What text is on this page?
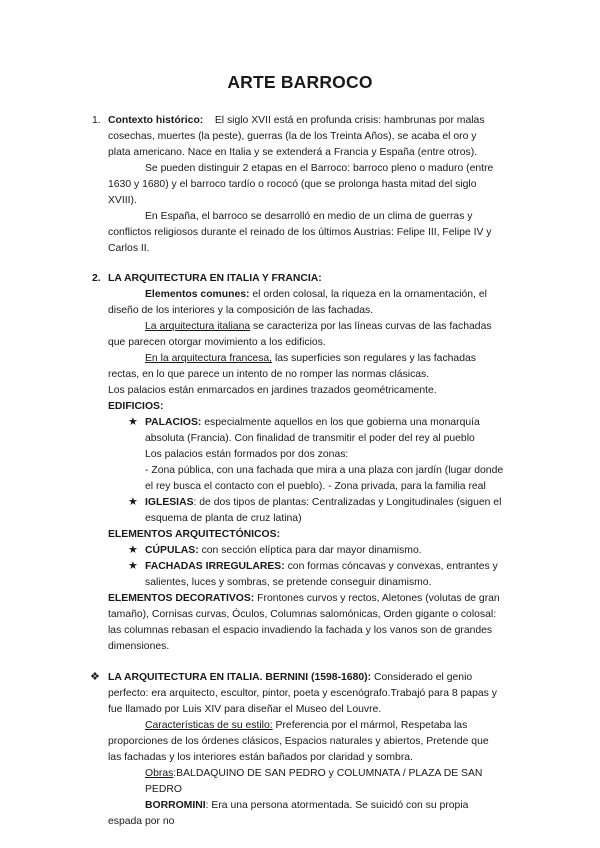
ARTE BARROCO
1. Contexto histórico: El siglo XVII está en profunda crisis: hambrunas por malas
cosechas, muertes (la peste), guerras (la de los Treinta Años), se acaba el oro y
plata americano. Nace en Italia y se extenderá a Francia y España (entre otros).
Se pueden distinguir 2 etapas en el Barroco: barroco pleno o maduro (entre
1630 y 1680) y el barroco tardío o rococó (que se prolonga hasta mitad del siglo
XVIII).
En España, el barroco se desarrolló en medio de un clima de guerras y
conflictos religiosos durante el reinado de los últimos Austrias: Felipe III, Felipe IV y
Carlos II.
2. LA ARQUITECTURA EN ITALIA Y FRANCIA:
Elementos comunes: el orden colosal, la riqueza en la ornamentación, el
diseño de los interiores y la composición de las fachadas.
La arquitectura italiana se caracteriza por las líneas curvas de las fachadas
que parecen otorgar movimiento a los edificios.
En la arquitectura francesa, las superficies son regulares y las fachadas
rectas, en lo que parece un intento de no romper las normas clásicas.
Los palacios están enmarcados en jardines trazados geométricamente.
EDIFICIOS:
★ PALACIOS: especialmente aquellos en los que gobierna una monarquía
absoluta (Francia). Con finalidad de transmitir el poder del rey al pueblo
Los palacios están formados por dos zonas:
- Zona pública, con una fachada que mira a una plaza con jardín (lugar donde
el rey busca el contacto con el pueblo). - Zona privada, para la familia real
★ IGLESIAS: de dos tipos de plantas: Centralizadas y Longitudinales (siguen el
esquema de planta de cruz latina)
ELEMENTOS ARQUITECTÓNICOS:
★ CÚPULAS: con sección elíptica para dar mayor dinamismo.
★ FACHADAS IRREGULARES: con formas cóncavas y convexas, entrantes y
salientes, luces y sombras, se pretende conseguir dinamismo.
ELEMENTOS DECORATIVOS: Frontones curvos y rectos, Aletones (volutas de gran
tamaño), Cornisas curvas, Óculos, Columnas salomónicas, Orden gigante o colosal:
las columnas rebasan el espacio invadiendo la fachada y los vanos son de grandes
dimensiones.
❖ LA ARQUITECTURA EN ITALIA. BERNINI (1598-1680): Considerado el genio
perfecto: era arquitecto, escultor, pintor, poeta y escenógrafo.Trabajó para 8 papas y
fue llamado por Luis XIV para diseñar el Museo del Louvre.
Características de su estilo: Preferencia por el mármol, Respetaba las
proporciones de los órdenes clásicos, Espacios naturales y abiertos, Pretende que
las fachadas y los interiores están bañados por claridad y sombra.
Obras:BALDAQUINO DE SAN PEDRO y COLUMNATA / PLAZA DE SAN
PEDRO
BORROMINI: Era una persona atormentada. Se suicidó con su propia
espada por no
